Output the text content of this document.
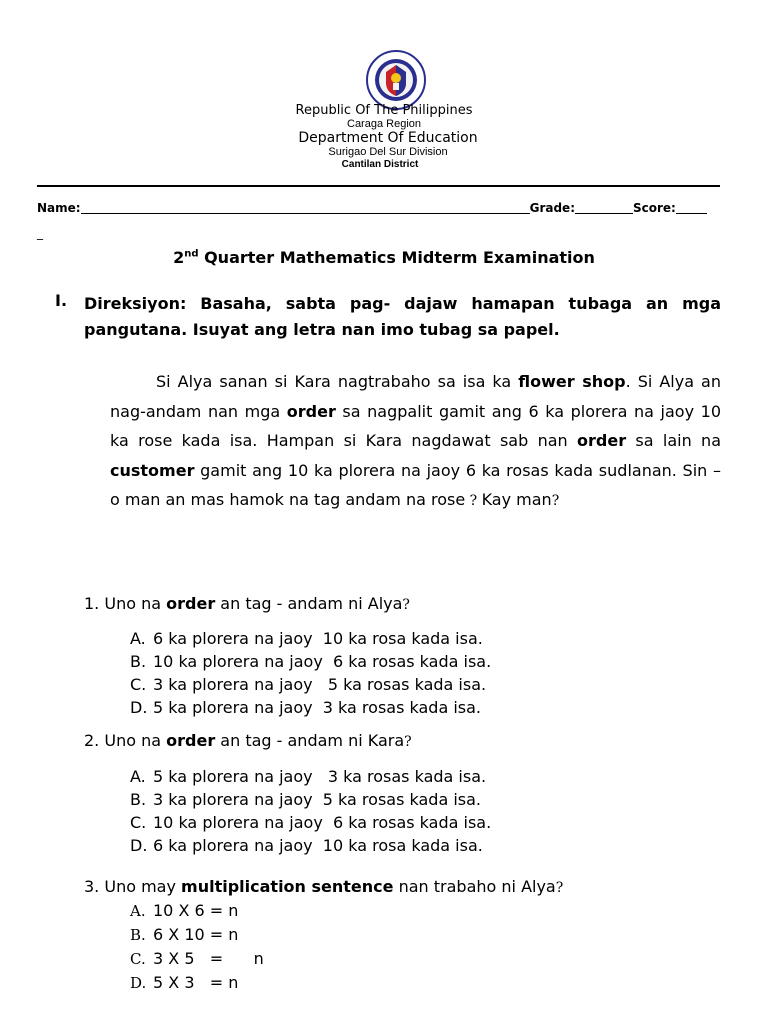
Republic Of The Philippines
Caraga Region
Department Of Education
Surigao Del Sur Division
Cantilan District
Name:	Grade:	Score:
_
2nd Quarter Mathematics Midterm Examination
I. Direksiyon: Basaha, sabta pag- dajaw hamapan tubaga an mga pangutana. Isuyat ang letra nan imo tubag sa papel.
Si Alya sanan si Kara nagtrabaho sa isa ka flower shop. Si Alya an nag-andam nan mga order sa nagpalit gamit ang 6 ka plorera na jaoy 10 ka rose kada isa. Hampan si Kara nagdawat sab nan order sa lain na customer gamit ang 10 ka plorera na jaoy 6 ka rosas kada sudlanan. Sin – o man an mas hamok na tag andam na rose ? Kay man?
1. Uno na order an tag - andam ni Alya?
A. 6 ka plorera na jaoy  10 ka rosa kada isa.
B. 10 ka plorera na jaoy  6 ka rosas kada isa.
C. 3 ka plorera na jaoy   5 ka rosas kada isa.
D. 5 ka plorera na jaoy  3 ka rosas kada isa.
2. Uno na order an tag - andam ni Kara?
A. 5 ka plorera na jaoy   3 ka rosas kada isa.
B. 3 ka plorera na jaoy  5 ka rosas kada isa.
C. 10 ka plorera na jaoy  6 ka rosas kada isa.
D. 6 ka plorera na jaoy  10 ka rosa kada isa.
3. Uno may multiplication sentence nan trabaho ni Alya?
A. 10 X 6 = n
B. 6 X 10 = n
C. 3 X 5   =      n
D. 5 X 3   = n
